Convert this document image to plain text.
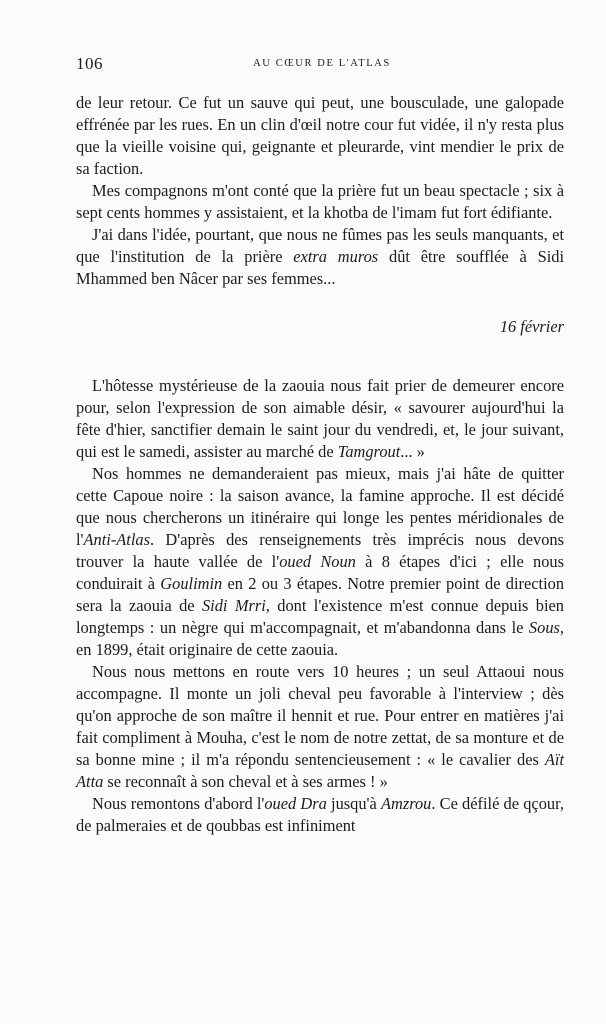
106	AU CŒUR DE L'ATLAS

de leur retour. Ce fut un sauve qui peut, une bousculade, une galopade effrénée par les rues. En un clin d'œil notre cour fut vidée, il n'y resta plus que la vieille voisine qui, geignante et pleurarde, vint mendier le prix de sa faction.

Mes compagnons m'ont conté que la prière fut un beau spectacle ; six à sept cents hommes y assistaient, et la khotba de l'imam fut fort édifiante.

J'ai dans l'idée, pourtant, que nous ne fûmes pas les seuls manquants, et que l'institution de la prière extra muros dût être soufflée à Sidi Mhammed ben Nâcer par ses femmes...

16 février

L'hôtesse mystérieuse de la zaouia nous fait prier de demeurer encore pour, selon l'expression de son aimable désir, « savourer aujourd'hui la fête d'hier, sanctifier demain le saint jour du vendredi, et, le jour suivant, qui est le samedi, assister au marché de Tamgrout... »

Nos hommes ne demanderaient pas mieux, mais j'ai hâte de quitter cette Capoue noire : la saison avance, la famine approche. Il est décidé que nous chercherons un itinéraire qui longe les pentes méridionales de l'Anti-Atlas. D'après des renseignements très imprécis nous devons trouver la haute vallée de l'oued Noun à 8 étapes d'ici ; elle nous conduirait à Goulimin en 2 ou 3 étapes. Notre premier point de direction sera la zaouia de Sidi Mrri, dont l'existence m'est connue depuis bien longtemps : un nègre qui m'accompagnait, et m'abandonna dans le Sous, en 1899, était originaire de cette zaouia.

Nous nous mettons en route vers 10 heures ; un seul Attaoui nous accompagne. Il monte un joli cheval peu favorable à l'interview ; dès qu'on approche de son maître il hennit et rue. Pour entrer en matières j'ai fait compliment à Mouha, c'est le nom de notre zettat, de sa monture et de sa bonne mine ; il m'a répondu sentencieusement : « le cavalier des Aït Atta se reconnaît à son cheval et à ses armes ! »

Nous remontons d'abord l'oued Dra jusqu'à Amzrou. Ce défilé de qçour, de palmeraies et de qoubbas est infiniment
